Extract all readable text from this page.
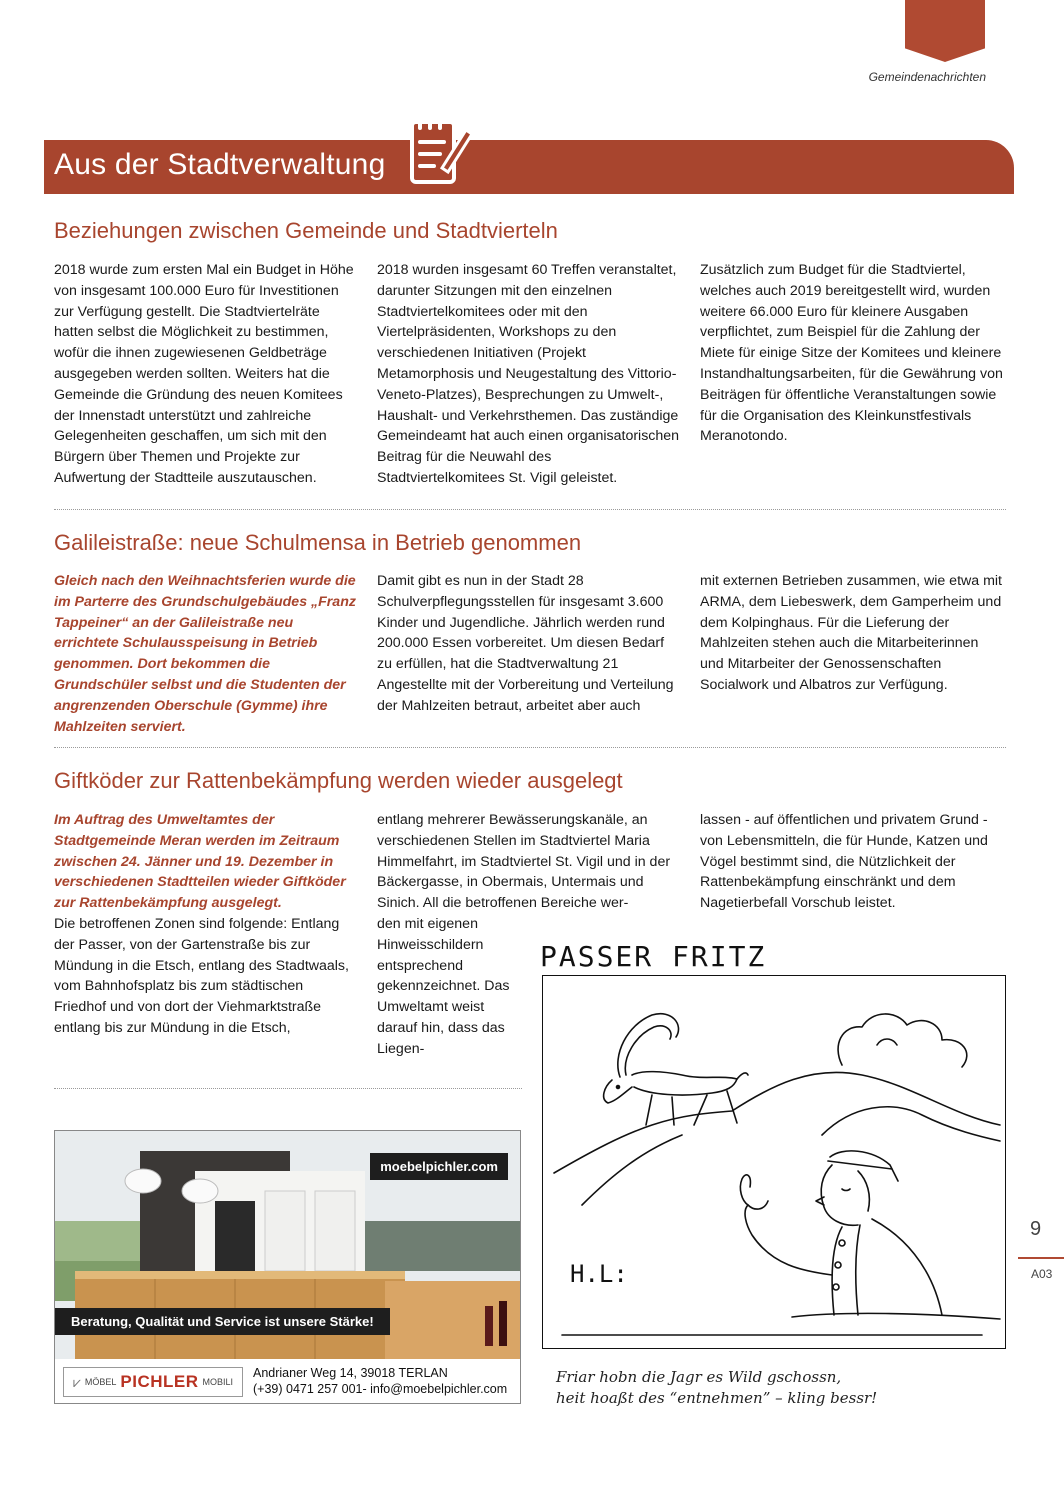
Gemeindenachrichten
Aus der Stadtverwaltung
Beziehungen zwischen Gemeinde und Stadtvierteln

2018 wurde zum ersten Mal ein Budget in Höhe von insgesamt 100.000 Euro für Investitionen zur Verfügung gestellt. Die Stadtviertelräte hatten selbst die Möglichkeit zu bestimmen, wofür die ihnen zugewiesenen Geldbeträge ausgegeben werden sollten. Weiters hat die Gemeinde die Gründung des neuen Komitees der Innenstadt unterstützt und zahlreiche Gelegenheiten geschaffen, um sich mit den Bürgern über Themen und Projekte zur Aufwertung der Stadtteile auszutauschen.

2018 wurden insgesamt 60 Treffen veranstaltet, darunter Sitzungen mit den einzelnen Stadtviertelkomitees oder mit den Viertelpräsidenten, Workshops zu den verschiedenen Initiativen (Projekt Metamorphosis und Neugestaltung des Vittorio-Veneto-Platzes), Besprechungen zu Umwelt-, Haushalt- und Verkehrsthemen. Das zuständige Gemeindeamt hat auch einen organisatorischen Beitrag für die Neuwahl des Stadtviertelkomitees St. Vigil geleistet.

Zusätzlich zum Budget für die Stadtviertel, welches auch 2019 bereitgestellt wird, wurden weitere 66.000 Euro für kleinere Ausgaben verpflichtet, zum Beispiel für die Zahlung der Miete für einige Sitze der Komitees und kleinere Instandhaltungsarbeiten, für die Gewährung von Beiträgen für öffentliche Veranstaltungen sowie für die Organisation des Kleinkunstfestivals Meranotondo.

Galileistraße: neue Schulmensa in Betrieb genommen

Gleich nach den Weihnachtsferien wurde die im Parterre des Grundschulgebäudes „Franz Tappeiner“ an der Galileistraße neu errichtete Schulausspeisung in Betrieb genommen. Dort bekommen die Grundschüler selbst und die Studenten der angrenzenden Oberschule (Gymme) ihre Mahlzeiten serviert.

Damit gibt es nun in der Stadt 28 Schulverpflegungsstellen für insgesamt 3.600 Kinder und Jugendliche. Jährlich werden rund 200.000 Essen vorbereitet. Um diesen Bedarf zu erfüllen, hat die Stadtverwaltung 21 Angestellte mit der Vorbereitung und Verteilung der Mahlzeiten betraut, arbeitet aber auch

mit externen Betrieben zusammen, wie etwa mit ARMA, dem Liebeswerk, dem Gamperheim und dem Kolpinghaus. Für die Lieferung der Mahlzeiten stehen auch die Mitarbeiterinnen und Mitarbeiter der Genossenschaften Socialwork und Albatros zur Verfügung.

Giftköder zur Rattenbekämpfung werden wieder ausgelegt

Im Auftrag des Umweltamtes der Stadtgemeinde Meran werden im Zeitraum zwischen 24. Jänner und 19. Dezember in verschiedenen Stadtteilen wieder Giftköder zur Rattenbekämpfung ausgelegt.

Die betroffenen Zonen sind folgende: Entlang der Passer, von der Gartenstraße bis zur Mündung in die Etsch, entlang des Stadtwaals, vom Bahnhofsplatz bis zum städtischen Friedhof und von dort der Viehmarktstraße entlang bis zur Mündung in die Etsch,

entlang mehrerer Bewässerungskanäle, an verschiedenen Stellen im Stadtviertel Maria Himmelfahrt, im Stadtviertel St. Vigil und in der Bäckergasse, in Obermais, Untermais und Sinich. All die betroffenen Bereiche wer-

den mit eigenen Hinweisschildern entsprechend gekennzeichnet. Das Umweltamt weist darauf hin, dass das Liegen-

lassen - auf öffentlichen und privatem Grund - von Lebensmitteln, die für Hunde, Katzen und Vögel bestimmt sind, die Nützlichkeit der Rattenbekämpfung einschränkt und dem Nagetierbefall Vorschub leistet.

PASSER FRITZ
H.L:
Friar hobn die Jagr es Wild gschossn,
heit hoaßt des “entnehmen” – kling bessr!
moebelpichler.com
Beratung, Qualität und Service ist unsere Stärke!
⩗ MÖBEL PICHLER MOBILI
Andrianer Weg 14, 39018 TERLAN
(+39) 0471 257 001- info@moebelpichler.com
9
A03
